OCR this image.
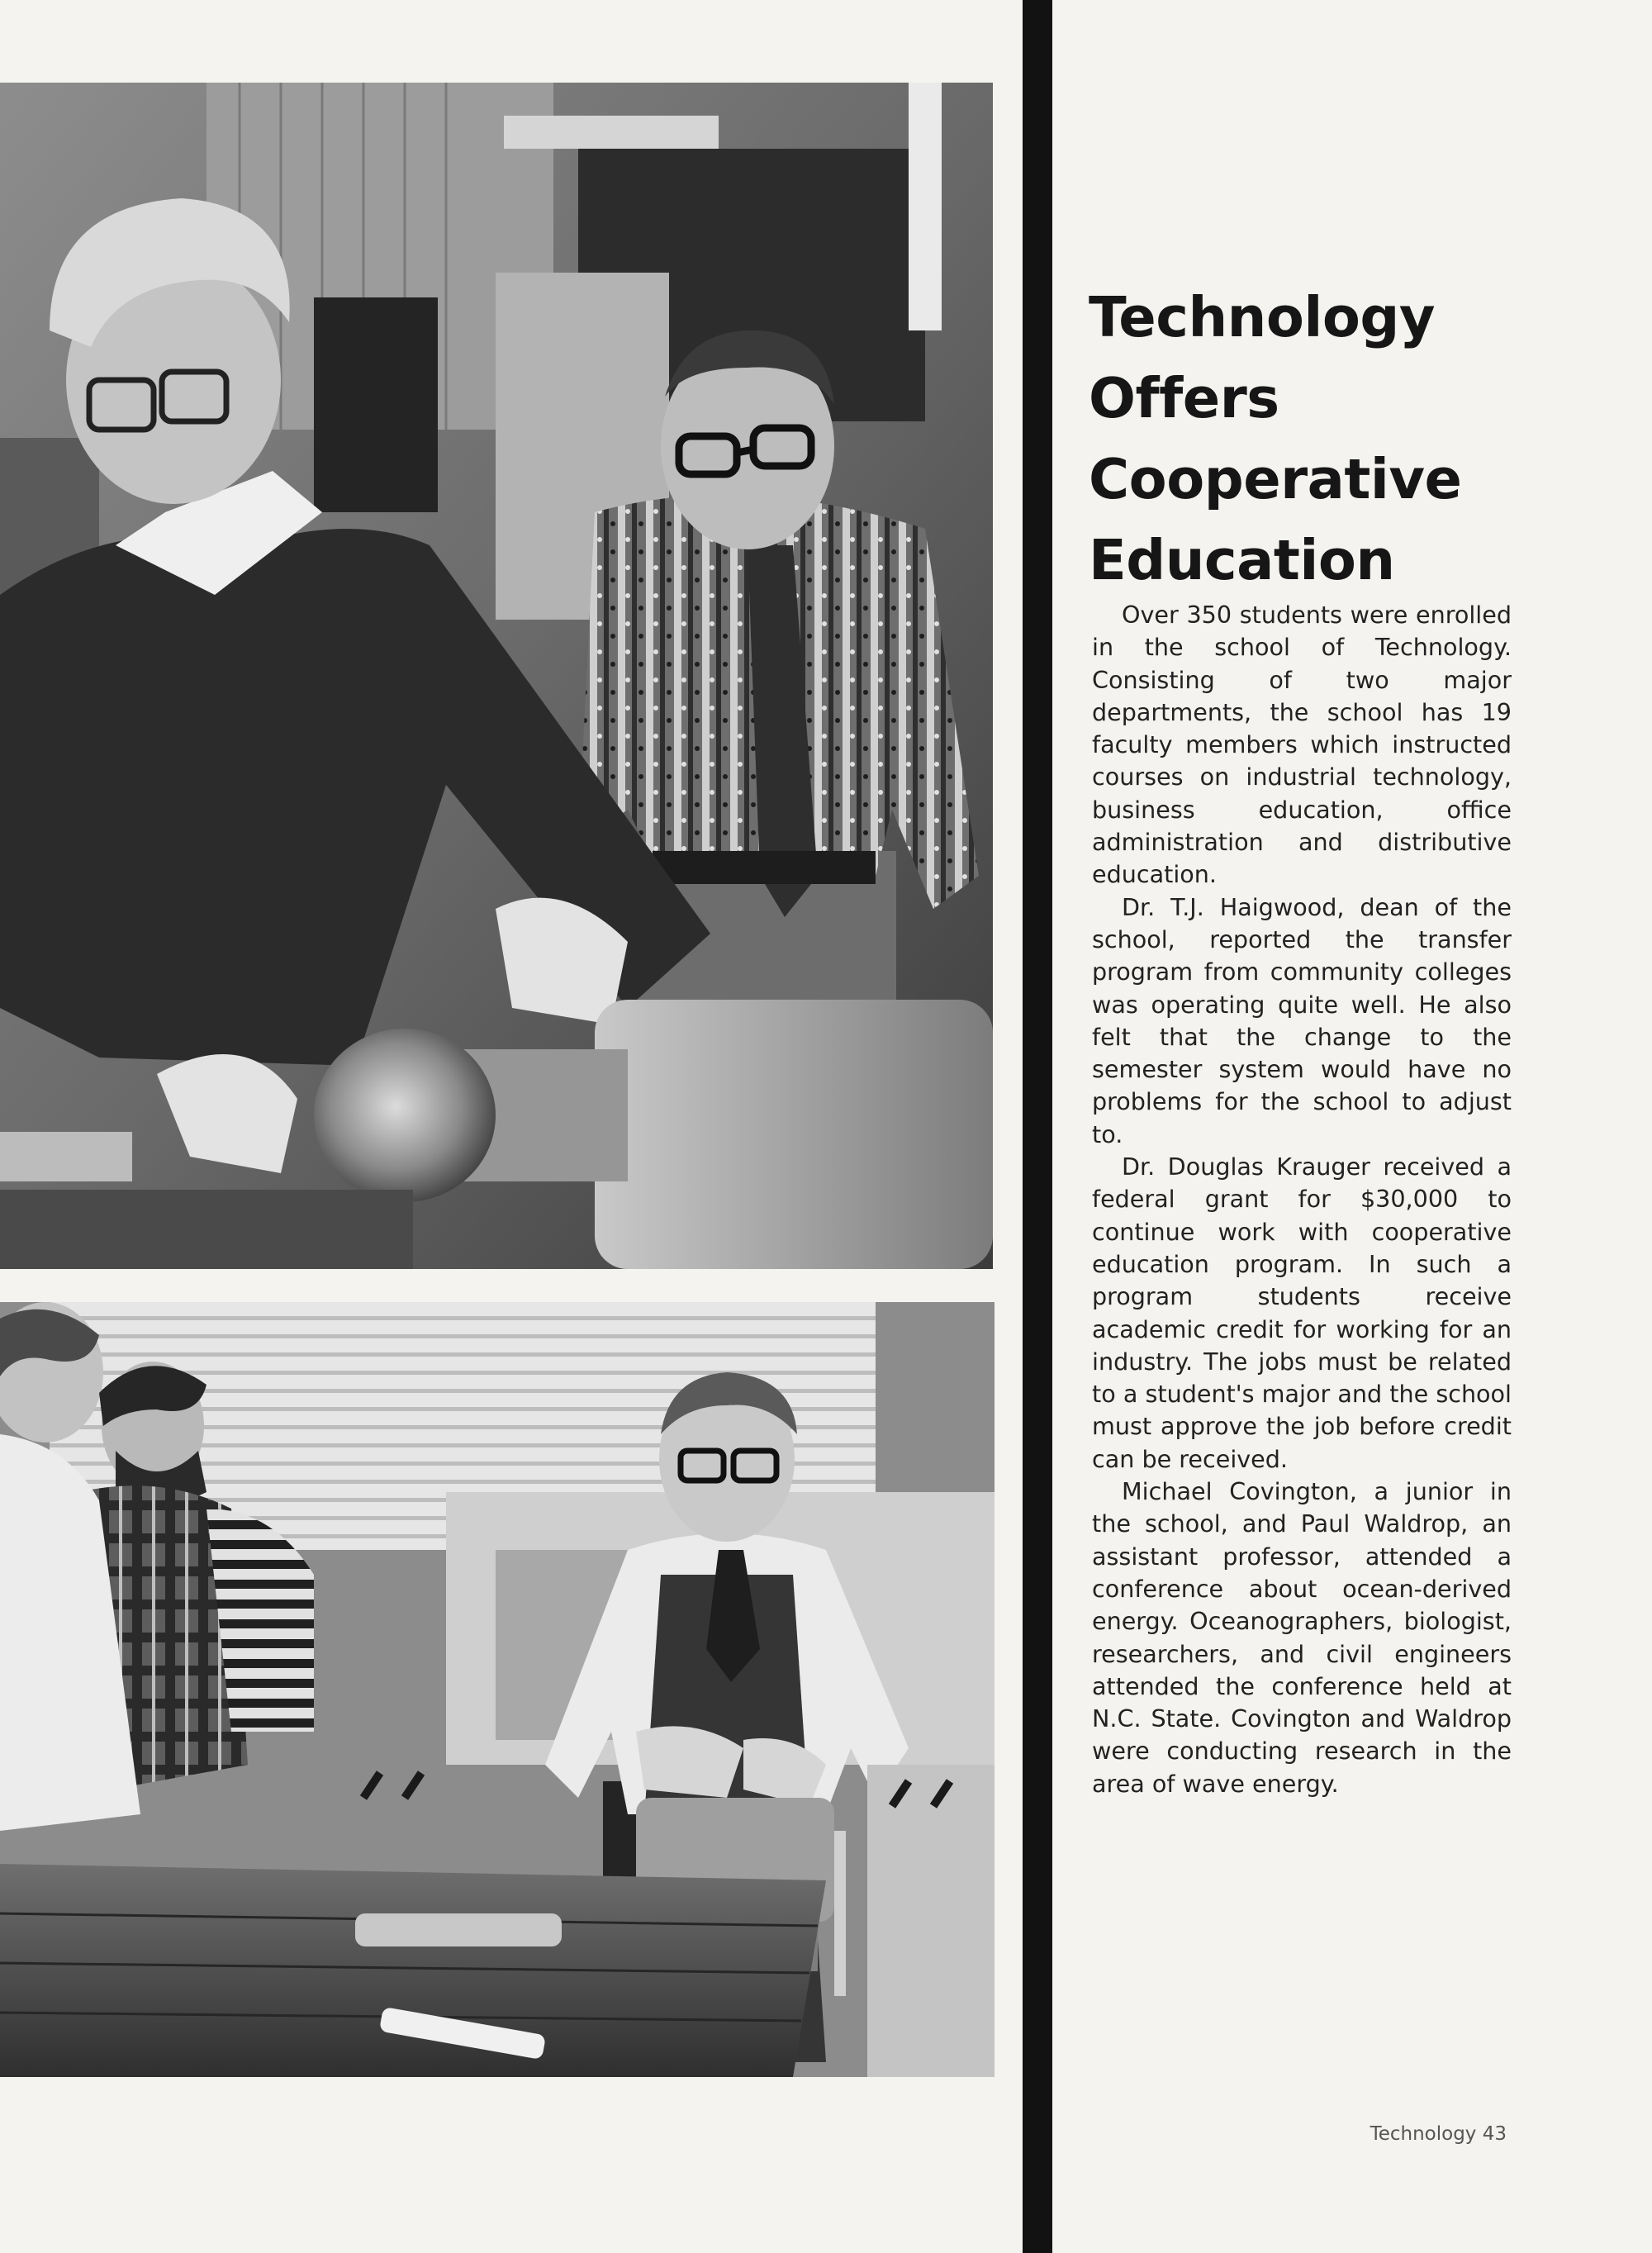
Technology
Offers
Cooperative
Education

Over 350 students were enrolled in the school of Technology. Consisting of two major departments, the school has 19 faculty members which instructed courses on industrial technology, business education, office administration and distributive education.

Dr. T.J. Haigwood, dean of the school, reported the transfer program from community colleges was operating quite well. He also felt that the change to the semester system would have no problems for the school to adjust to.

Dr. Douglas Krauger received a federal grant for $30,000 to continue work with cooperative education program. In such a program students receive academic credit for working for an industry. The jobs must be related to a student's major and the school must approve the job before credit can be received.

Michael Covington, a junior in the school, and Paul Waldrop, an assistant professor, attended a conference about ocean-derived energy. Oceanographers, biologist, researchers, and civil engineers attended the conference held at N.C. State. Covington and Waldrop were conducting research in the area of wave energy.

Technology 43
